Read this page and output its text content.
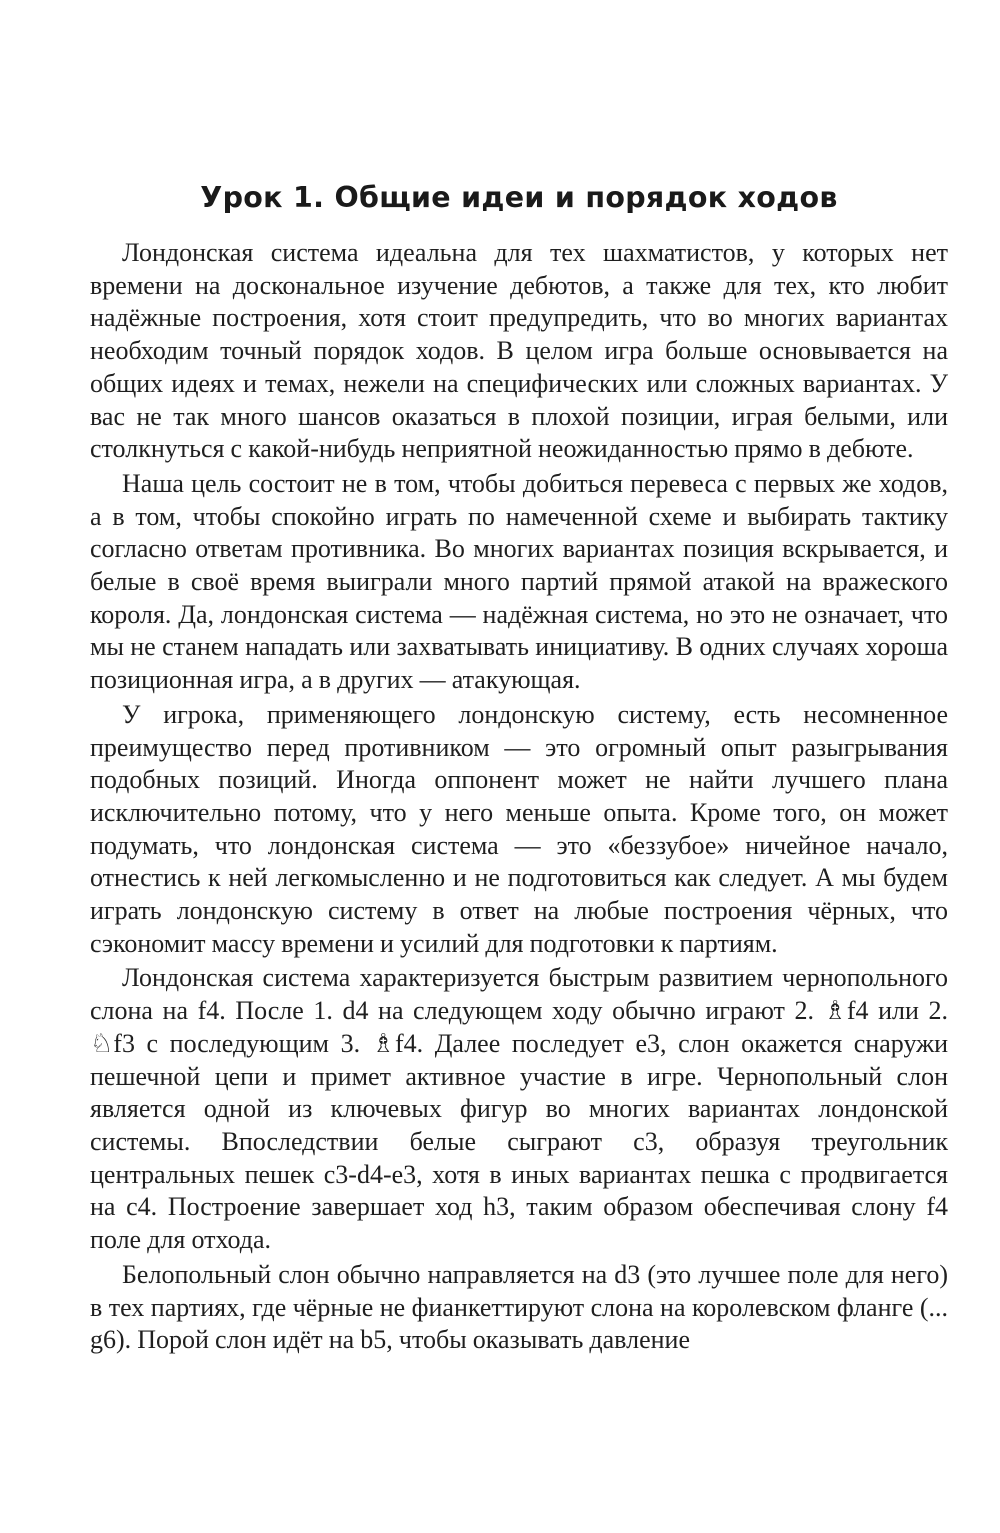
Урок 1. Общие идеи и порядок ходов

Лондонская система идеальна для тех шахматистов, у которых нет времени на доскональное изучение дебютов, а также для тех, кто любит надёжные построения, хотя стоит предупредить, что во многих вариантах необходим точный порядок ходов. В целом игра больше основывается на общих идеях и темах, нежели на специфических или сложных вариантах. У вас не так много шансов оказаться в плохой позиции, играя белыми, или столкнуться с какой-нибудь неприятной неожиданностью прямо в дебюте.

Наша цель состоит не в том, чтобы добиться перевеса с первых же ходов, а в том, чтобы спокойно играть по намеченной схеме и выбирать тактику согласно ответам противника. Во многих вариантах позиция вскрывается, и белые в своё время выиграли много партий прямой атакой на вражеского короля. Да, лондонская система — надёжная система, но это не означает, что мы не станем нападать или захватывать инициативу. В одних случаях хороша позиционная игра, а в других — атакующая.

У игрока, применяющего лондонскую систему, есть несомненное преимущество перед противником — это огромный опыт разыгрывания подобных позиций. Иногда оппонент может не найти лучшего плана исключительно потому, что у него меньше опыта. Кроме того, он может подумать, что лондонская система — это «беззубое» ничейное начало, отнестись к ней легкомысленно и не подготовиться как следует. А мы будем играть лондонскую систему в ответ на любые построения чёрных, что сэкономит массу времени и усилий для подготовки к партиям.

Лондонская система характеризуется быстрым развитием чернопольного слона на f4. После 1. d4 на следующем ходу обычно играют 2. ♗f4 или 2. ♘f3 с последующим 3. ♗f4. Далее последует e3, слон окажется снаружи пешечной цепи и примет активное участие в игре. Чернопольный слон является одной из ключевых фигур во многих вариантах лондонской системы. Впоследствии белые сыграют c3, образуя треугольник центральных пешек c3-d4-e3, хотя в иных вариантах пешка c продвигается на c4. Построение завершает ход h3, таким образом обеспечивая слону f4 поле для отхода.

Белопольный слон обычно направляется на d3 (это лучшее поле для него) в тех партиях, где чёрные не фианкеттируют слона на королевском фланге (... g6). Порой слон идёт на b5, чтобы оказывать давление
